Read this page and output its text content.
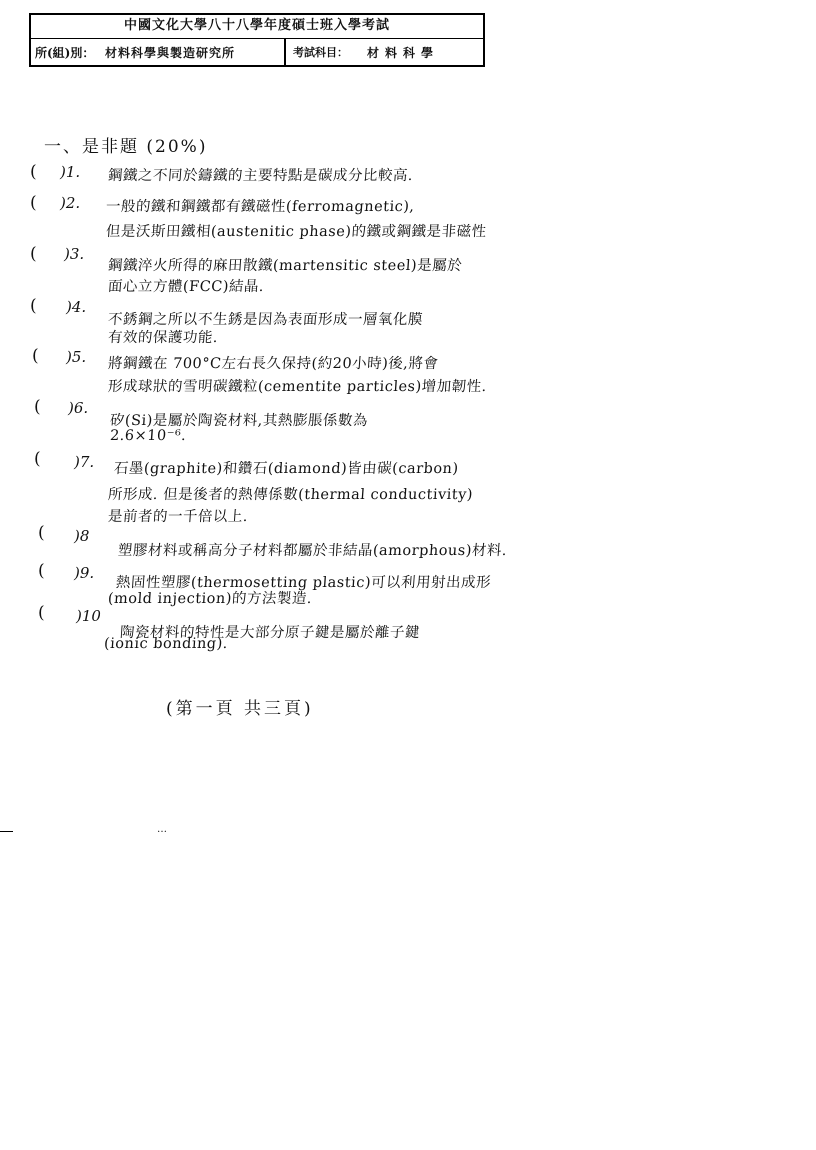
中國文化大學八十八學年度碩士班入學考試
所(組)別： 材料科學與製造研究所	考試科目： 材料科學
一、是非題 (20%)
( )1. 鋼鐵之不同於鑄鐵的主要特點是碳成分比較高.
( )2. 一般的鐵和鋼鐵都有鐵磁性(ferromagnetic),
但是沃斯田鐵相(austenitic phase)的鐵或鋼鐵是非磁性
( )3.
鋼鐵淬火所得的麻田散鐵(martensitic steel)是屬於
面心立方體(FCC)結晶.
( )4.
不銹鋼之所以不生銹是因為表面形成一層氧化膜
有效的保護功能.
( )5. 將鋼鐵在 700°C左右長久保持(約20小時)後,將會
形成球狀的雪明碳鐵粒(cementite particles)增加韌性.
( )6.
矽(Si)是屬於陶瓷材料,其熱膨脹係數為
2.6×10⁻⁶.
( )7. 石墨(graphite)和鑽石(diamond)皆由碳(carbon)
所形成. 但是後者的熱傳係數(thermal conductivity)
是前者的一千倍以上.
( )8
塑膠材料或稱高分子材料都屬於非結晶(amorphous)材料.
( )9.
熱固性塑膠(thermosetting plastic)可以利用射出成形
(mold injection)的方法製造.
( )10
陶瓷材料的特性是大部分原子鍵是屬於離子鍵
(ionic bonding).
(第一頁 共三頁)
…
